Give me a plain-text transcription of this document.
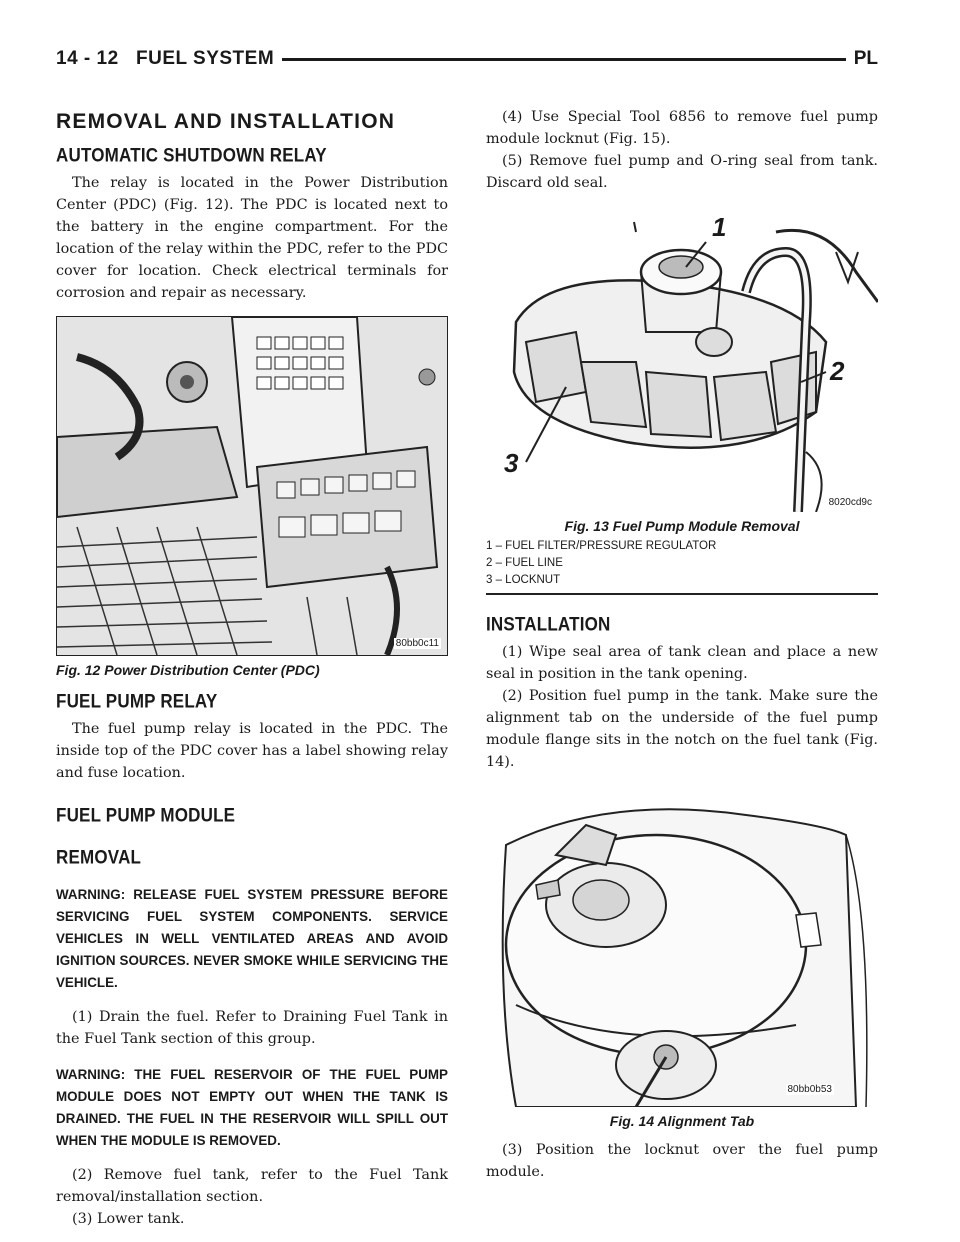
14 - 12 FUEL SYSTEM	PL
REMOVAL AND INSTALLATION
AUTOMATIC SHUTDOWN RELAY

The relay is located in the Power Distribution Center (PDC) (Fig. 12). The PDC is located next to the battery in the engine compartment. For the location of the relay within the PDC, refer to the PDC cover for location. Check electrical terminals for corrosion and repair as necessary.

80bb0c11
Fig. 12 Power Distribution Center (PDC)
FUEL PUMP RELAY

The fuel pump relay is located in the PDC. The inside top of the PDC cover has a label showing relay and fuse location.

FUEL PUMP MODULE
REMOVAL
WARNING: RELEASE FUEL SYSTEM PRESSURE BEFORE SERVICING FUEL SYSTEM COMPONENTS. SERVICE VEHICLES IN WELL VENTILATED AREAS AND AVOID IGNITION SOURCES. NEVER SMOKE WHILE SERVICING THE VEHICLE.

(1) Drain the fuel. Refer to Draining Fuel Tank in the Fuel Tank section of this group.

WARNING: THE FUEL RESERVOIR OF THE FUEL PUMP MODULE DOES NOT EMPTY OUT WHEN THE TANK IS DRAINED. THE FUEL IN THE RESERVOIR WILL SPILL OUT WHEN THE MODULE IS REMOVED.

(2) Remove fuel tank, refer to the Fuel Tank removal/installation section.

(3) Lower tank.

(4) Use Special Tool 6856 to remove fuel pump module locknut (Fig. 15).

(5) Remove fuel pump and O-ring seal from tank. Discard old seal.

1
2
3
8020cd9c
Fig. 13 Fuel Pump Module Removal
1 – FUEL FILTER/PRESSURE REGULATOR
2 – FUEL LINE
3 – LOCKNUT
INSTALLATION

(1) Wipe seal area of tank clean and place a new seal in position in the tank opening.

(2) Position fuel pump in the tank. Make sure the alignment tab on the underside of the fuel pump module flange sits in the notch on the fuel tank (Fig. 14).

80bb0b53
Fig. 14 Alignment Tab

(3) Position the locknut over the fuel pump module.
